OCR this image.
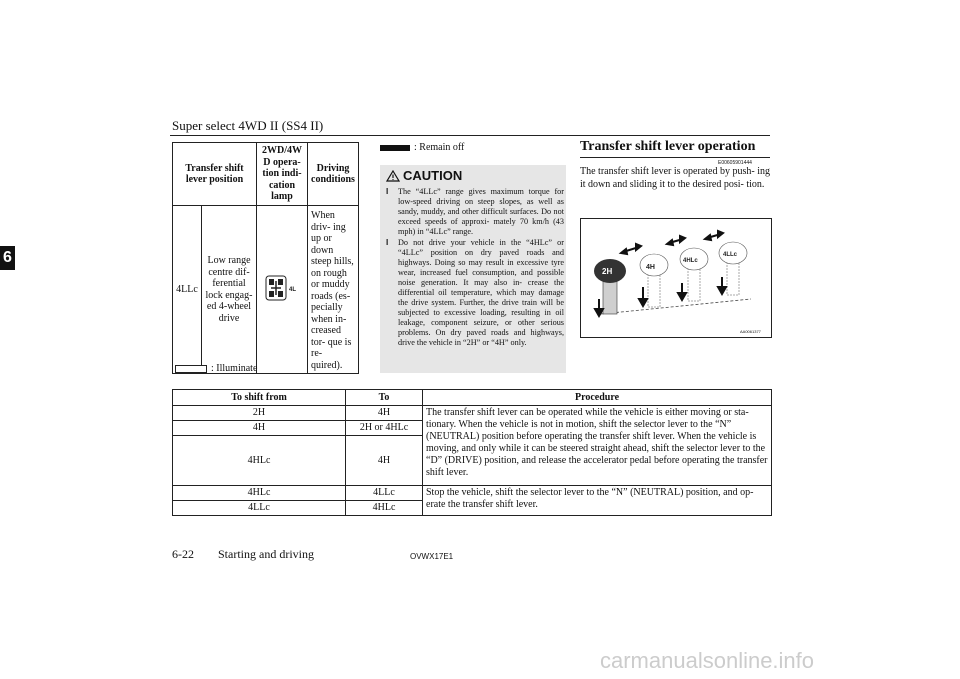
Super select 4WD II (SS4 II)
6
Transfer shift lever position		2WD/4W D opera- tion indi- cation lamp	Driving conditions
4LLc	Low range centre dif- ferential lock engag- ed 4-wheel drive	4L	When driv- ing up or down steep hills, on rough or muddy roads (es- pecially when in- creased tor- que is re- quired).
: Illuminate
: Remain off
CAUTION
l The “4LLc” range gives maximum torque for low-speed driving on steep slopes, as well as sandy, muddy, and other difficult surfaces. Do not exceed speeds of approxi- mately 70 km/h (43 mph) in “4LLc” range.
l Do not drive your vehicle in the “4HLc” or “4LLc” position on dry paved roads and highways. Doing so may result in excessive tyre wear, increased fuel consumption, and possible noise generation. It may also in- crease the differential oil temperature, which may damage the drive system. Further, the drive train will be subjected to excessive loading, resulting in oil leakage, component seizure, or other serious problems. On dry paved roads and highways, drive the vehicle in “2H” or “4H” only.
Transfer shift lever operation
E00605901444
The transfer shift lever is operated by push- ing it down and sliding it to the desired posi- tion.
2H	4H
4HLc
4LLc
AA0061377
To shift from	To	Procedure
2H	4H	The transfer shift lever can be operated while the vehicle is either moving or sta- tionary. When the vehicle is not in motion, shift the selector lever to the “N” (NEUTRAL) position before operating the transfer shift lever. When the vehicle is moving, and only while it can be steered straight ahead, shift the selector lever to the “D” (DRIVE) position, and release the accelerator pedal before operating the transfer shift lever.
4H	2H or 4HLc	
4HLc	4H	
4HLc	4LLc	Stop the vehicle, shift the selector lever to the “N” (NEUTRAL) position, and op- erate the transfer shift lever.
4LLc	4HLc	
6-22 Starting and driving	OVWX17E1
carmanualsonline.info
